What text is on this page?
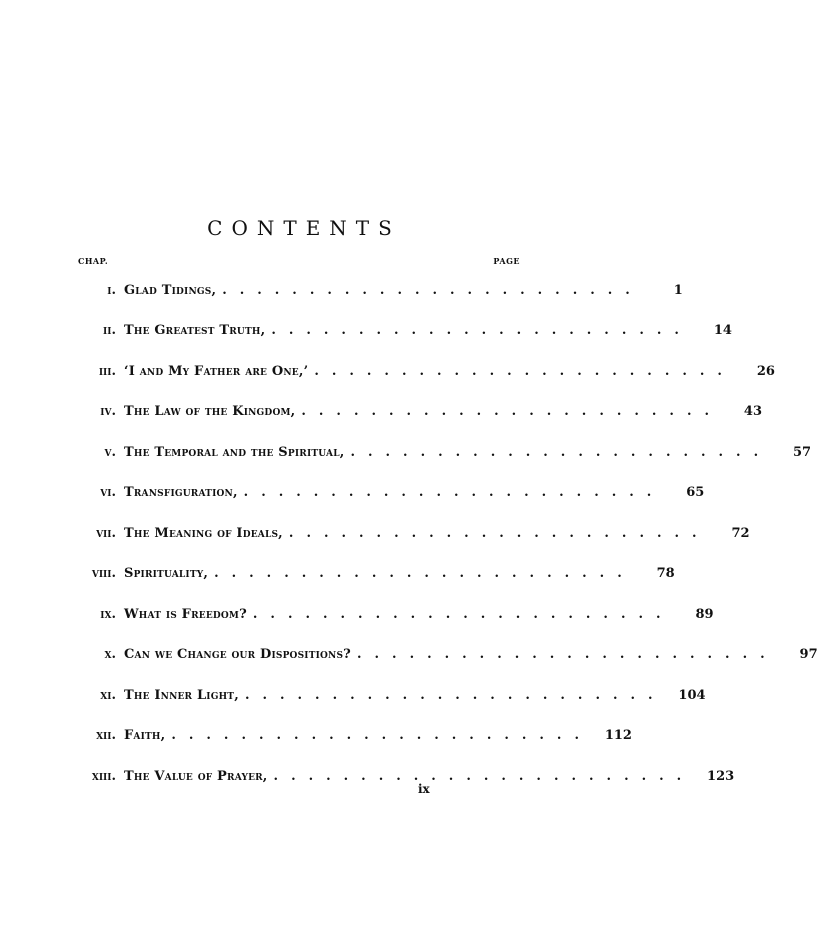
CONTENTS
CHAP.	PAGE
i. Glad Tidings, ........................	1
ii. The Greatest Truth, ........................	14
iii. ‘I and My Father are One,’ ........................	26
iv. The Law of the Kingdom, ........................	43
v. The Temporal and the Spiritual, ........................	57
vi. Transfiguration, ........................	65
vii. The Meaning of Ideals, ........................	72
viii. Spirituality, ........................	78
ix. What is Freedom? ........................	89
x. Can we Change our Dispositions? ........................	97
xi. The Inner Light, ........................ 104
xii. Faith, ........................ 112
xiii. The Value of Prayer, ........................ 123
ix
